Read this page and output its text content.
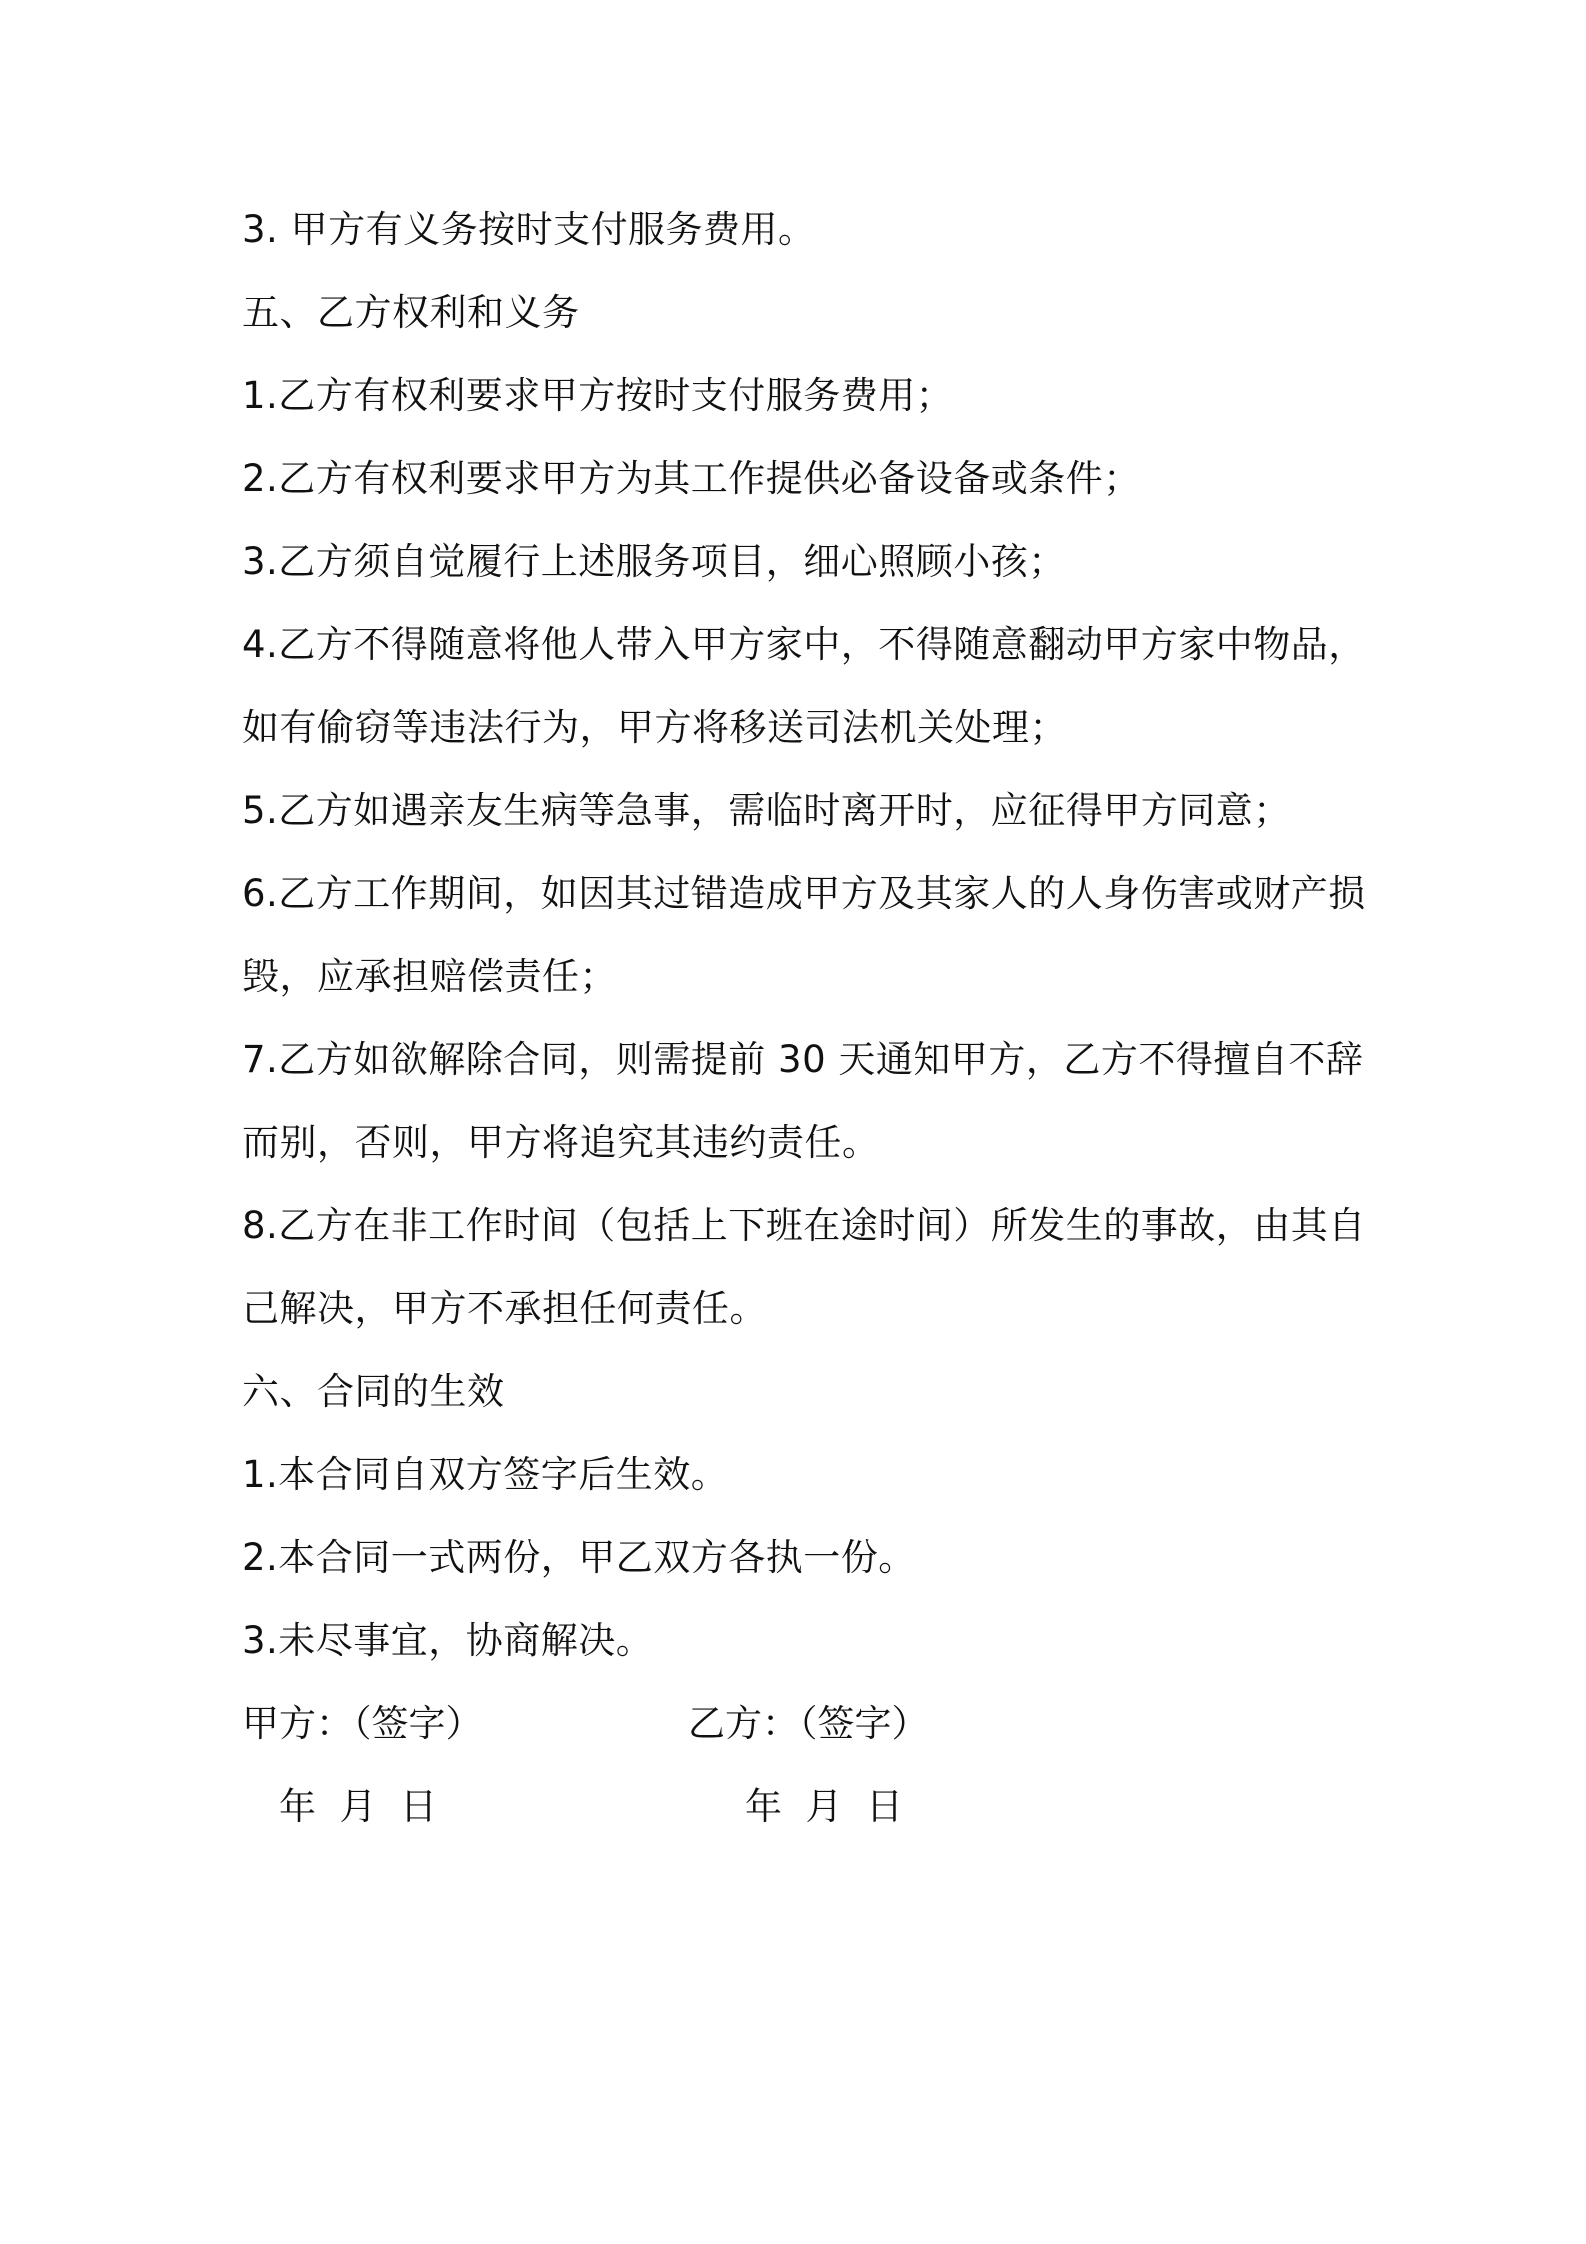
3. 甲方有义务按时支付服务费用。
五、乙方权利和义务
1.乙方有权利要求甲方按时支付服务费用；
2.乙方有权利要求甲方为其工作提供必备设备或条件；
3.乙方须自觉履行上述服务项目，细心照顾小孩；
4.乙方不得随意将他人带入甲方家中，不得随意翻动甲方家中物品，
如有偷窃等违法行为，甲方将移送司法机关处理；
5.乙方如遇亲友生病等急事，需临时离开时，应征得甲方同意；
6.乙方工作期间，如因其过错造成甲方及其家人的人身伤害或财产损
毁，应承担赔偿责任；
7.乙方如欲解除合同，则需提前 30 天通知甲方，乙方不得擅自不辞
而别，否则，甲方将追究其违约责任。
8.乙方在非工作时间（包括上下班在途时间）所发生的事故，由其自
己解决，甲方不承担任何责任。
六、合同的生效
1.本合同自双方签字后生效。
2.本合同一式两份，甲乙双方各执一份。
3.未尽事宜，协商解决。
甲方：（签字）	乙方：（签字）
年  月  日	年  月  日
